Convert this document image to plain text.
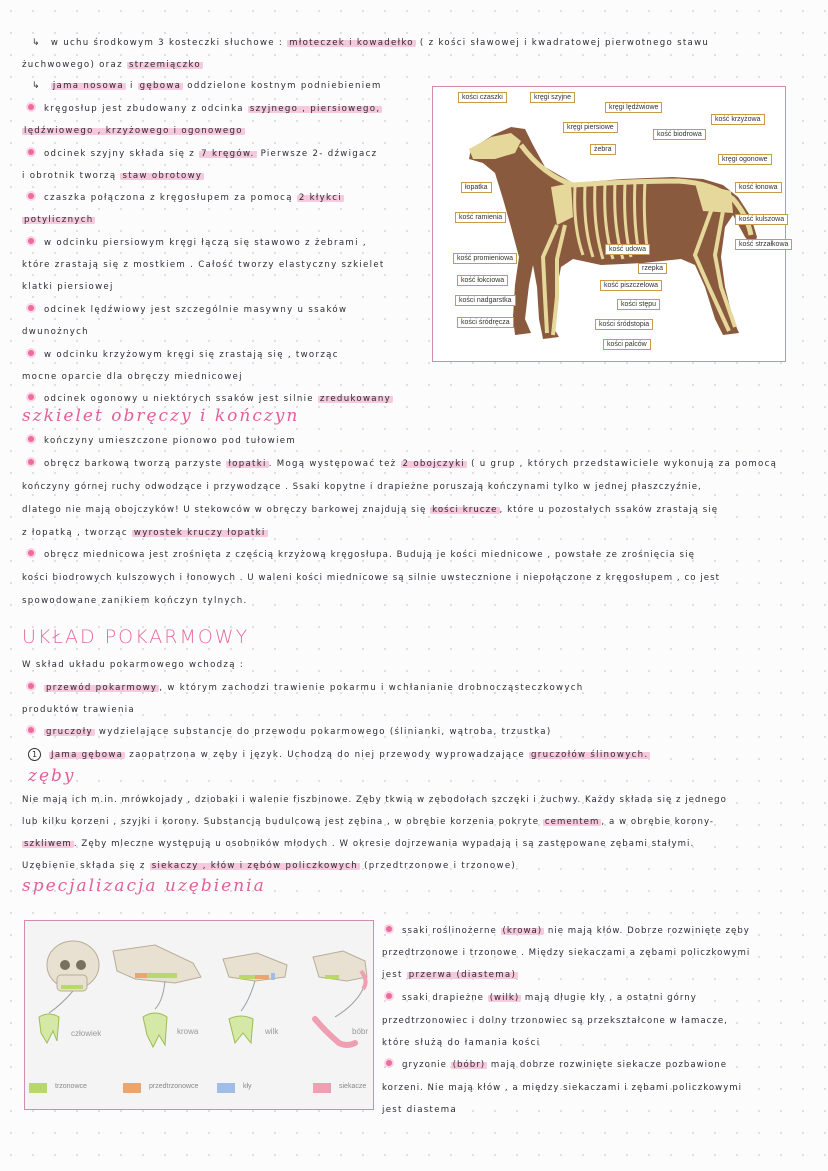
↳ w uchu środkowym 3 kosteczki słuchowe : młoteczek i kowadełko ( z kości sławowej i kwadratowej pierwotnego stawu
żuchwowego) oraz strzemiączko
↳ jama nosowa i gębowa oddzielone kostnym podniebieniem
kręgosłup jest zbudowany z odcinka szyjnego , piersiowego,
lędźwiowego , krzyżowego i ogonowego
odcinek szyjny składa się z 7 kręgów. Pierwsze 2- dźwigacz
i obrotnik tworzą staw obrotowy
czaszka połączona z kręgosłupem za pomocą 2 kłykci
potylicznych
w odcinku piersiowym kręgi łączą się stawowo z żebrami ,
które zrastają się z mostkiem . Całość tworzy elastyczny szkielet
klatki piersiowej
odcinek lędźwiowy jest szczególnie masywny u ssaków
dwunożnych
w odcinku krzyżowym kręgi się zrastają się , tworząc
mocne oparcie dla obręczy miednicowej
odcinek ogonowy u niektórych ssaków jest silnie zredukowany
kości czaszki	kręgi szyjne
kręgi lędźwiowe
kość krzyżowa
kręgi piersiowe
kość biodrowa
żebra
kręgi ogonowe
łopatka	kość łonowa
kość ramienia	kość kulszowa
kość strzałkowa
kość udowa
kość promieniowa
rzepka
kość łokciowa
kość piszczelowa
kości nadgarstka
kości stępu
kości śródręcza	kości śródstopia
kości palców
szkielet obręczy i kończyn
kończyny umieszczone pionowo pod tułowiem
obręcz barkową tworzą parzyste łopatki . Mogą występować też 2 obojczyki ( u grup , których przedstawiciele wykonują za pomocą
kończyny górnej ruchy odwodzące i przywodzące . Ssaki kopytne i drapieżne poruszają kończynami tylko w jednej płaszczyźnie,
dlatego nie mają obojczyków! U stekowców w obręczy barkowej znajdują się kości krucze , które u pozostałych ssaków zrastają się
z łopatką , tworząc wyrostek kruczy łopatki
obręcz miednicowa jest zrośnięta z częścią krzyżową kręgosłupa. Budują je kości miednicowe , powstałe ze zrośnięcia się
kości biodrowych kulszowych i łonowych . U waleni kości miednicowe są silnie uwstecznione i niepołączone z kręgosłupem , co jest
spowodowane zanikiem kończyn tylnych.
UKŁAD POKARMOWY
W skład układu pokarmowego wchodzą :
przewód pokarmowy , w którym zachodzi trawienie pokarmu i wchłanianie drobnocząsteczkowych
produktów trawienia
gruczoły wydzielające substancje do przewodu pokarmowego (ślinianki, wątroba, trzustka)
1 Jama gębowa zaopatrzona w zęby i język. Uchodzą do niej przewody wyprowadzające gruczołów ślinowych.
zęby
Nie mają ich m.in. mrówkojady , dziobaki i walenie fiszbinowe. Zęby tkwią w zębodołach szczęki i żuchwy. Każdy składa się z jednego
lub kilku korzeni , szyjki i korony. Substancją budulcową jest zębina , w obrębie korzenia pokryte cementem , a w obrębie korony-
szkliwem . Zęby mleczne występują u osobników młodych . W okresie dojrzewania wypadają i są zastępowane zębami stałymi.
Uzębienie składa się z siekaczy , kłów i zębów policzkowych (przedtrzonowe i trzonowe)
specjalizacja uzębienia
człowiek	krowa	wilk	bóbr
trzonowce	przedtrzonowce	kły	siekacze
ssaki roślinożerne (krowa) nie mają kłów. Dobrze rozwinięte zęby
przedtrzonowe i trzonowe . Między siekaczami a zębami policzkowymi
jest przerwa (diastema)
ssaki drapieżne (wilk) mają długie kły , a ostatni górny
przedtrzonowiec i dolny trzonowiec są przekształcone w łamacze,
które służą do łamania kości
gryzonie (bóbr) mają dobrze rozwinięte siekacze pozbawione
korzeni. Nie mają kłów , a między siekaczami i zębami policzkowymi
jest diastema
